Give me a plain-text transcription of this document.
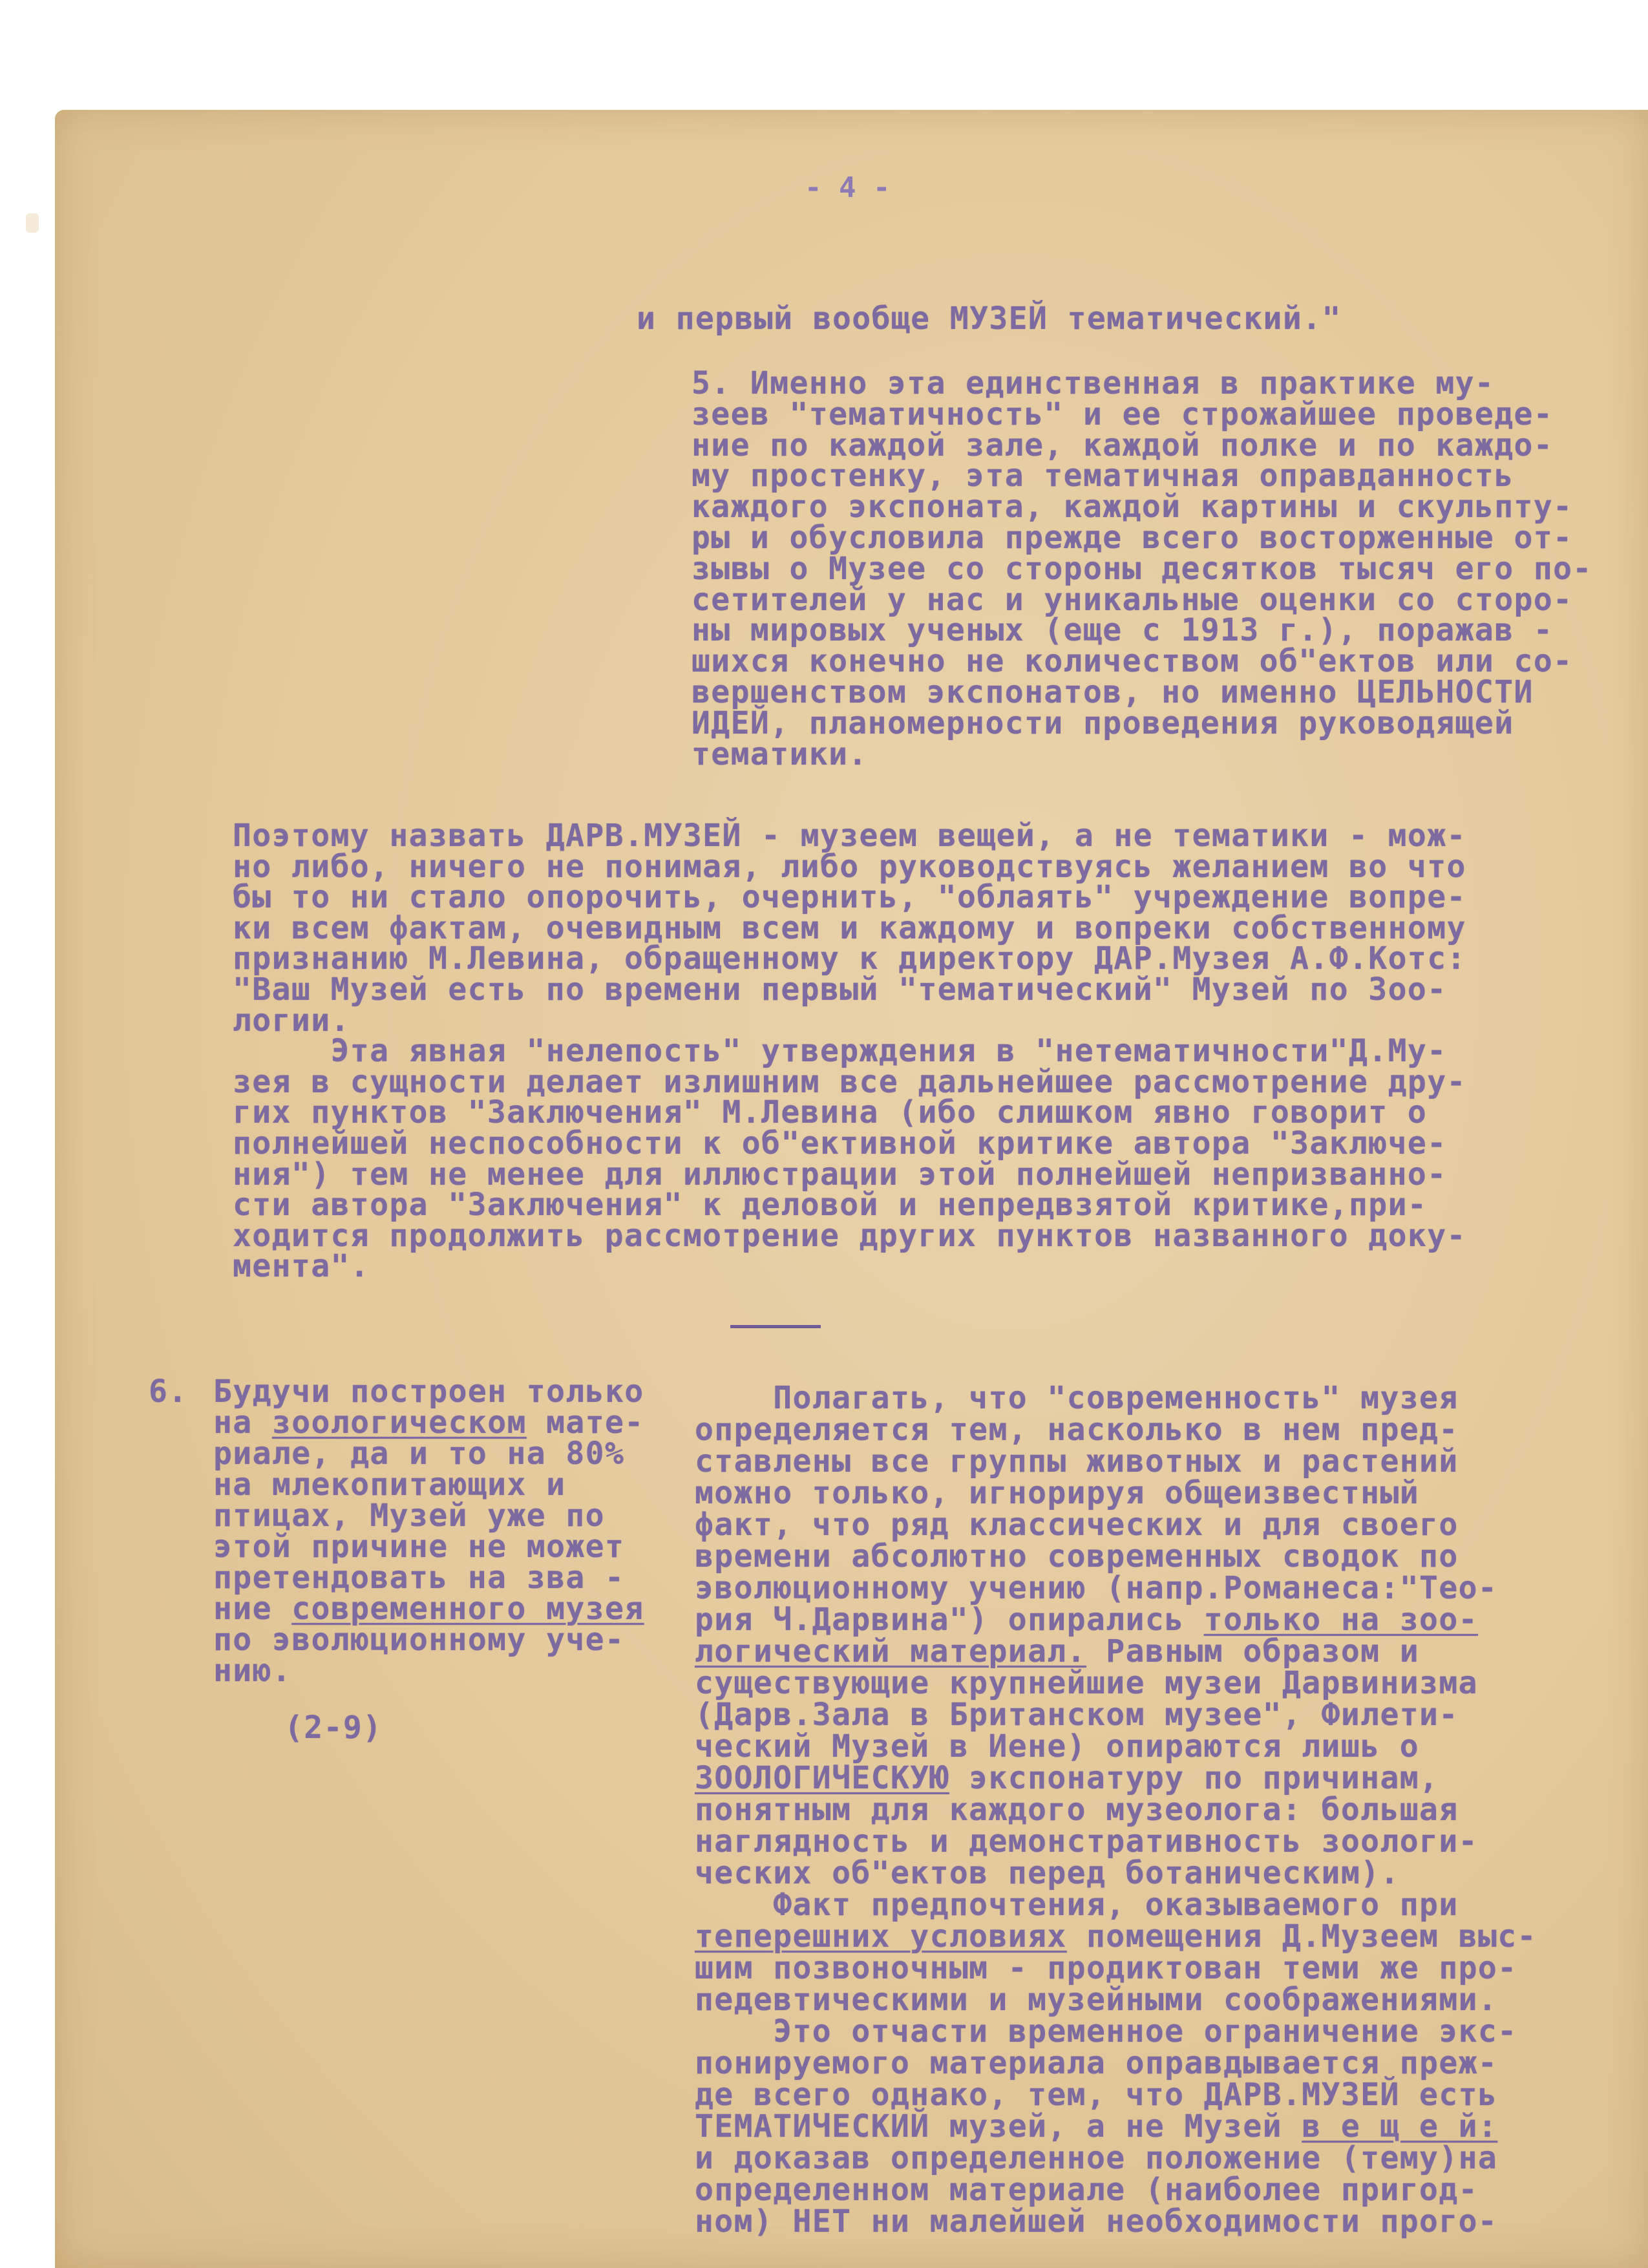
- 4 -
и первый вообще МУЗЕЙ тематический."
5. Именно эта единственная в практике му-
зеев "тематичность" и ее строжайшее проведе-
ние по каждой зале, каждой полке и по каждо-
му простенку, эта тематичная оправданность
каждого экспоната, каждой картины и скульпту-
ры и обусловила прежде всего восторженные от-
зывы о Музее со стороны десятков тысяч его по-
сетителей у нас и уникальные оценки со сторо-
ны мировых ученых (еще с 1913 г.), поражав -
шихся конечно не количеством об"ектов или со-
вершенством экспонатов, но именно ЦЕЛЬНОСТИ
ИДЕЙ, планомерности проведения руководящей
тематики.
Поэтому назвать ДАРВ.МУЗЕЙ - музеем вещей, а не тематики - мож-
но либо, ничего не понимая, либо руководствуясь желанием во что
бы то ни стало опорочить, очернить, "облаять" учреждение вопре-
ки всем фактам, очевидным всем и каждому и вопреки собственному
признанию М.Левина, обращенному к директору ДАР.Музея А.Ф.Котс:
"Ваш Музей есть по времени первый "тематический" Музей по Зоо-
логии.
Эта явная "нелепость" утверждения в "нетематичности"Д.Му-
зея в сущности делает излишним все дальнейшее рассмотрение дру-
гих пунктов "Заключения" М.Левина (ибо слишком явно говорит о
полнейшей неспособности к об"ективной критике автора "Заключе-
ния") тем не менее для иллюстрации этой полнейшей непризванно-
сти автора "Заключения" к деловой и непредвзятой критике,при-
ходится продолжить рассмотрение других пунктов названного доку-
мента".
6. Будучи построен только
на зоологическом мате-
риале, да и то на 80%
на млекопитающих и
птицах, Музей уже по
этой причине не может
претендовать на зва -
ние современного музея
по эволюционному уче-
нию.
(2-9)
Полагать, что "современность" музея
определяется тем, насколько в нем пред-
ставлены все группы животных и растений
можно только, игнорируя общеизвестный
факт, что ряд классических и для своего
времени абсолютно современных сводок по
эволюционному учению (напр.Романеса:"Тео-
рия Ч.Дарвина") опирались только на зоо-
логический материал. Равным образом и
существующие крупнейшие музеи Дарвинизма
(Дарв.Зала в Британском музее", Филети-
ческий Музей в Иене) опираются лишь о
ЗООЛОГИЧЕСКУЮ экспонатуру по причинам,
понятным для каждого музеолога: большая
наглядность и демонстративность зоологи-
ческих об"ектов перед ботаническим).
Факт предпочтения, оказываемого при
теперешних условиях помещения Д.Музеем выс-
шим позвоночным - продиктован теми же про-
педевтическими и музейными соображениями.
Это отчасти временное ограничение экс-
понируемого материала оправдывается преж-
де всего однако, тем, что ДАРВ.МУЗЕЙ есть
ТЕМАТИЧЕСКИЙ музей, а не Музей в е щ е й:
и доказав определенное положение (тему)на
определенном материале (наиболее пригод-
ном) НЕТ ни малейшей необходимости прого-
